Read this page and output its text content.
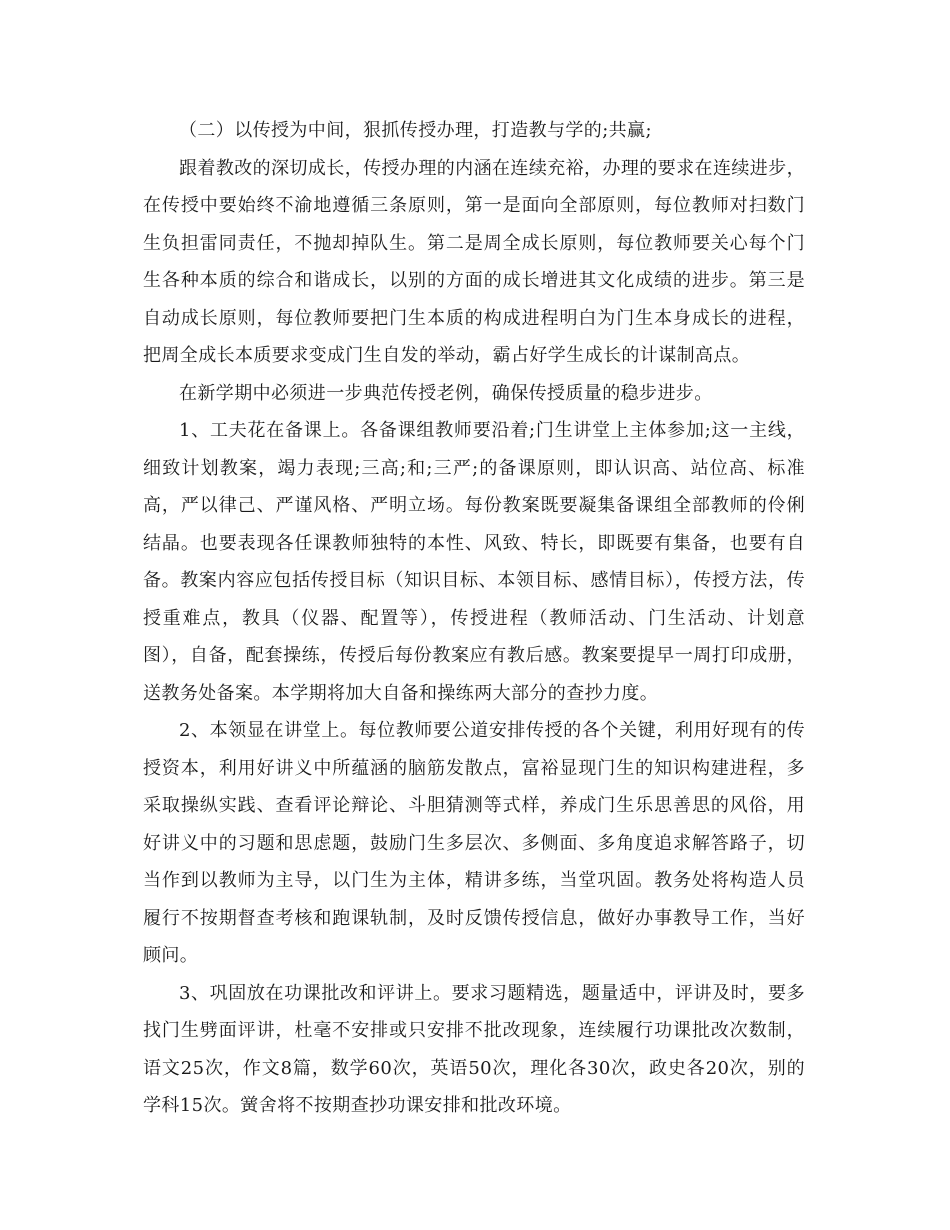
（二）以传授为中间，狠抓传授办理，打造教与学的;共赢;

跟着教改的深切成长，传授办理的内涵在连续充裕，办理的要求在连续进步，在传授中要始终不渝地遵循三条原则，第一是面向全部原则，每位教师对扫数门生负担雷同责任，不抛却掉队生。第二是周全成长原则，每位教师要关心每个门生各种本质的综合和谐成长，以别的方面的成长增进其文化成绩的进步。第三是自动成长原则，每位教师要把门生本质的构成进程明白为门生本身成长的进程，把周全成长本质要求变成门生自发的举动，霸占好学生成长的计谋制高点。

在新学期中必须进一步典范传授老例，确保传授质量的稳步进步。

1、工夫花在备课上。各备课组教师要沿着;门生讲堂上主体参加;这一主线，细致计划教案，竭力表现;三高;和;三严;的备课原则，即认识高、站位高、标准高，严以律己、严谨风格、严明立场。每份教案既要凝集备课组全部教师的伶俐结晶。也要表现各任课教师独特的本性、风致、特长，即既要有集备，也要有自备。教案内容应包括传授目标（知识目标、本领目标、感情目标），传授方法，传授重难点，教具（仪器、配置等），传授进程（教师活动、门生活动、计划意图），自备，配套操练，传授后每份教案应有教后感。教案要提早一周打印成册，送教务处备案。本学期将加大自备和操练两大部分的查抄力度。

2、本领显在讲堂上。每位教师要公道安排传授的各个关键，利用好现有的传授资本，利用好讲义中所蕴涵的脑筋发散点，富裕显现门生的知识构建进程，多采取操纵实践、查看评论辩论、斗胆猜测等式样，养成门生乐思善思的风俗，用好讲义中的习题和思虑题，鼓励门生多层次、多侧面、多角度追求解答路子，切当作到以教师为主导，以门生为主体，精讲多练，当堂巩固。教务处将构造人员履行不按期督查考核和跑课轨制，及时反馈传授信息，做好办事教导工作，当好顾问。

3、巩固放在功课批改和评讲上。要求习题精选，题量适中，评讲及时，要多找门生劈面评讲，杜毫不安排或只安排不批改现象，连续履行功课批改次数制，语文25次，作文8篇，数学60次，英语50次，理化各30次，政史各20次，别的学科15次。黉舍将不按期查抄功课安排和批改环境。
